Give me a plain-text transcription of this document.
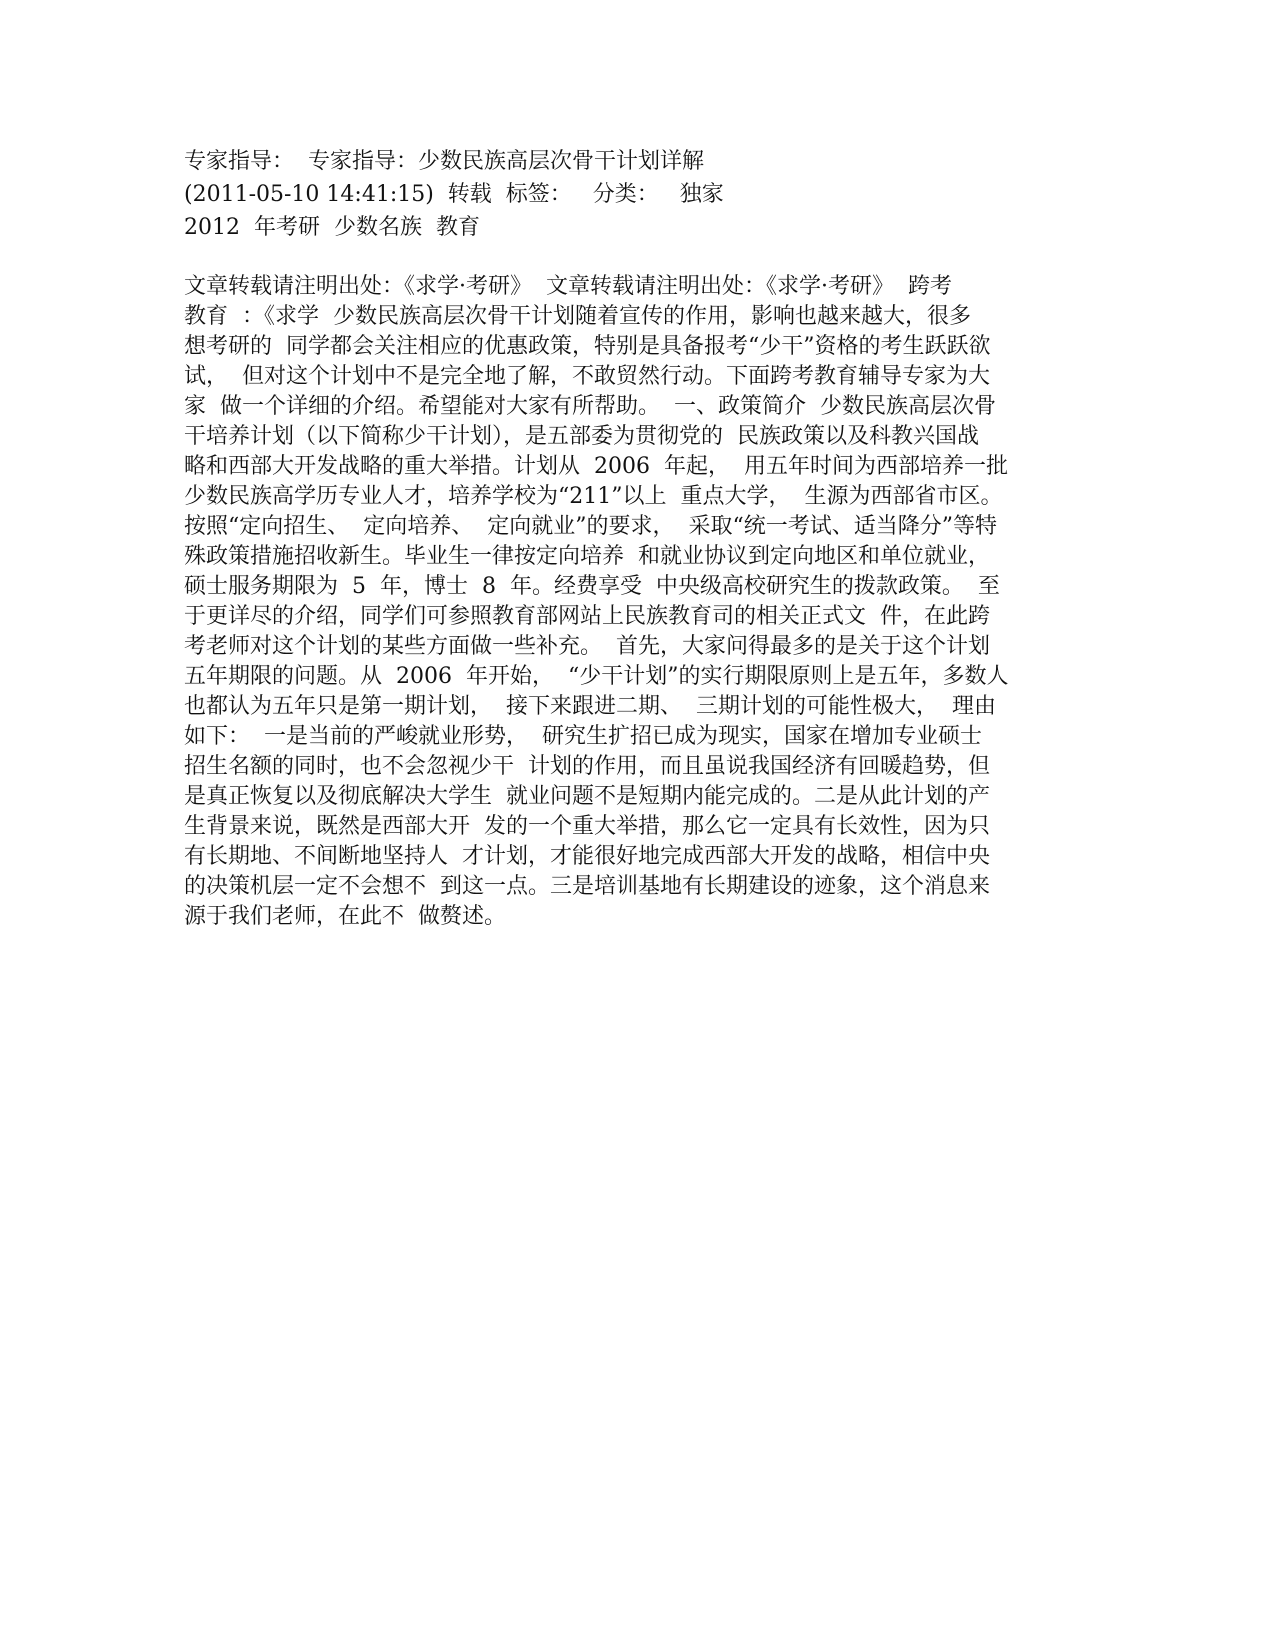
专家指导：  专家指导：少数民族高层次骨干计划详解
(2011-05-10 14:41:15)  转载  标签：   分类：   独家
2012  年考研  少数名族  教育
文章转载请注明出处：《求学·考研》  文章转载请注明出处：《求学·考研》  跨考
教育  ：《求学  少数民族高层次骨干计划随着宣传的作用，影响也越来越大，很多
想考研的  同学都会关注相应的优惠政策，特别是具备报考“少干”资格的考生跃跃欲
试，  但对这个计划中不是完全地了解，不敢贸然行动。下面跨考教育辅导专家为大
家  做一个详细的介绍。希望能对大家有所帮助。  一、政策简介  少数民族高层次骨
干培养计划（以下简称少干计划），是五部委为贯彻党的  民族政策以及科教兴国战
略和西部大开发战略的重大举措。计划从  2006  年起，  用五年时间为西部培养一批
少数民族高学历专业人才，培养学校为“211”以上  重点大学，  生源为西部省市区。
按照“定向招生、  定向培养、  定向就业”的要求，  采取“统一考试、适当降分”等特
殊政策措施招收新生。毕业生一律按定向培养  和就业协议到定向地区和单位就业，
硕士服务期限为  5  年，博士  8  年。经费享受  中央级高校研究生的拨款政策。  至
于更详尽的介绍，同学们可参照教育部网站上民族教育司的相关正式文  件，在此跨
考老师对这个计划的某些方面做一些补充。  首先，大家问得最多的是关于这个计划
五年期限的问题。从  2006  年开始，  “少干计划”的实行期限原则上是五年，多数人
也都认为五年只是第一期计划，  接下来跟进二期、  三期计划的可能性极大，  理由
如下：  一是当前的严峻就业形势，  研究生扩招已成为现实，国家在增加专业硕士
招生名额的同时，也不会忽视少干  计划的作用，而且虽说我国经济有回暖趋势，但
是真正恢复以及彻底解决大学生  就业问题不是短期内能完成的。二是从此计划的产
生背景来说，既然是西部大开  发的一个重大举措，那么它一定具有长效性，因为只
有长期地、不间断地坚持人  才计划，才能很好地完成西部大开发的战略，相信中央
的决策机层一定不会想不  到这一点。三是培训基地有长期建设的迹象，这个消息来
源于我们老师，在此不  做赘述。
